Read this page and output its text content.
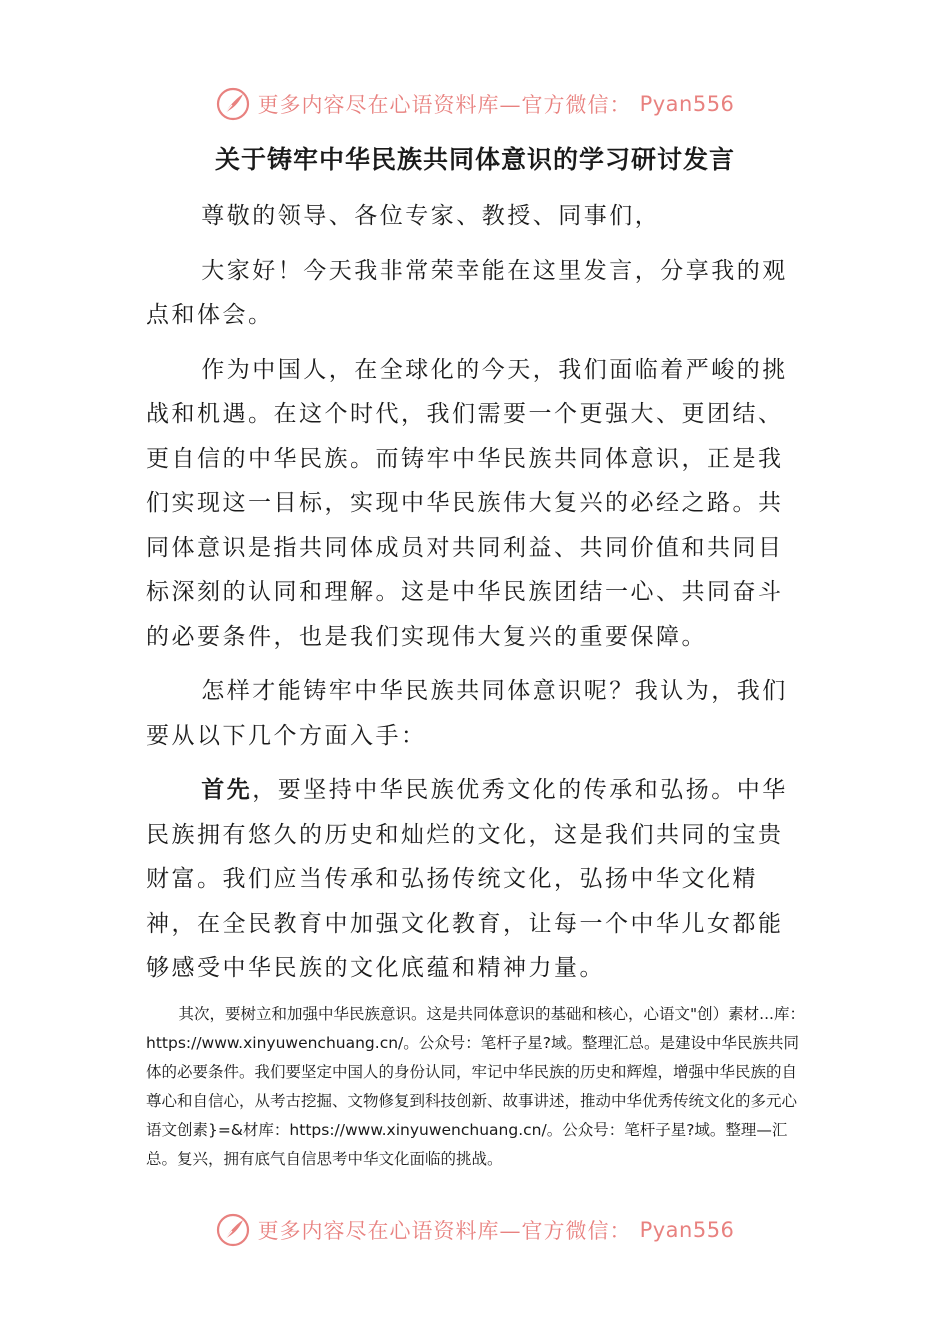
更多内容尽在心语资料库—官方微信： Pyan556
关于铸牢中华民族共同体意识的学习研讨发言

尊敬的领导、各位专家、教授、同事们，

大家好！今天我非常荣幸能在这里发言，分享我的观点和体会。

作为中国人，在全球化的今天，我们面临着严峻的挑战和机遇。在这个时代，我们需要一个更强大、更团结、更自信的中华民族。而铸牢中华民族共同体意识，正是我们实现这一目标，实现中华民族伟大复兴的必经之路。共同体意识是指共同体成员对共同利益、共同价值和共同目标深刻的认同和理解。这是中华民族团结一心、共同奋斗的必要条件，也是我们实现伟大复兴的重要保障。

怎样才能铸牢中华民族共同体意识呢？我认为，我们要从以下几个方面入手：

首先，要坚持中华民族优秀文化的传承和弘扬。中华民族拥有悠久的历史和灿烂的文化，这是我们共同的宝贵财富。我们应当传承和弘扬传统文化，弘扬中华文化精神，在全民教育中加强文化教育，让每一个中华儿女都能够感受中华民族的文化底蕴和精神力量。

其次，要树立和加强中华民族意识。这是共同体意识的基础和核心，心语文"创）素材...库：https://www.xinyuwenchuang.cn/。公众号：笔杆子星?域。整理汇总。是建设中华民族共同体的必要条件。我们要坚定中国人的身份认同，牢记中华民族的历史和辉煌，增强中华民族的自尊心和自信心，从考古挖掘、文物修复到科技创新、故事讲述，推动中华优秀传统文化的多元心语文创素}=&材库：https://www.xinyuwenchuang.cn/。公众号：笔杆子星?域。整理—汇总。复兴，拥有底气自信思考中华文化面临的挑战。

更多内容尽在心语资料库—官方微信： Pyan556
